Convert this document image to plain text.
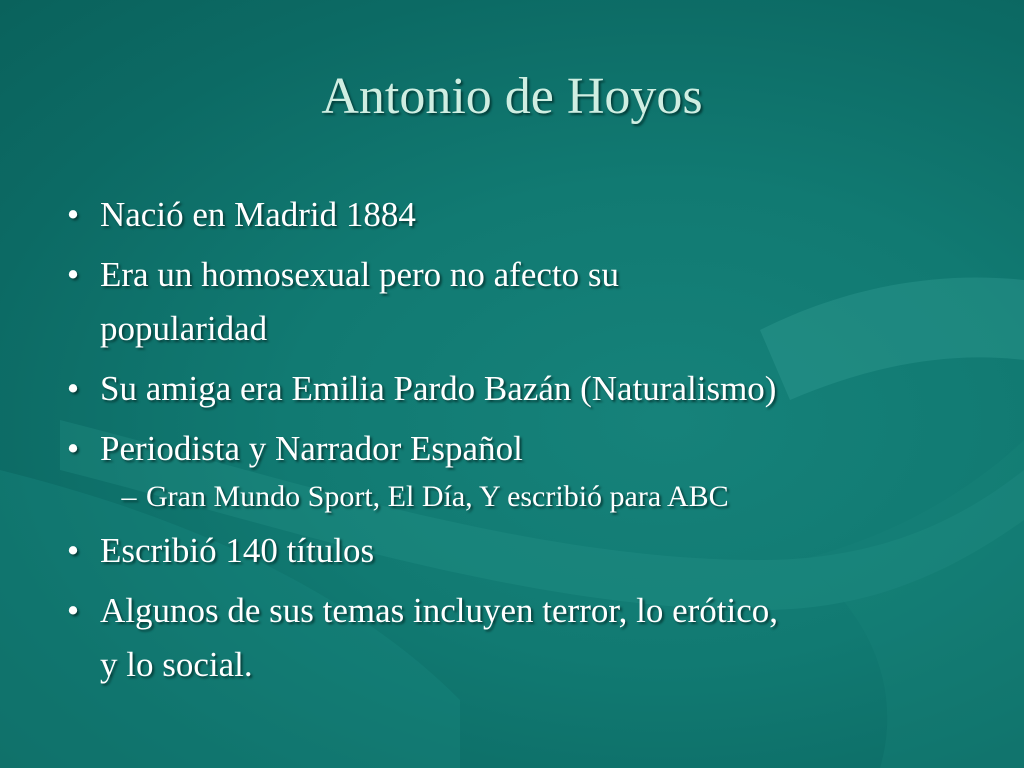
Antonio de Hoyos
• Nació en Madrid 1884
• Era un homosexual pero no afecto su
popularidad
• Su amiga era Emilia Pardo Bazán (Naturalismo)
• Periodista y Narrador Español
– Gran Mundo Sport, El Día, Y escribió para ABC
• Escribió 140 títulos
• Algunos de sus temas incluyen terror, lo erótico,
y lo social.
